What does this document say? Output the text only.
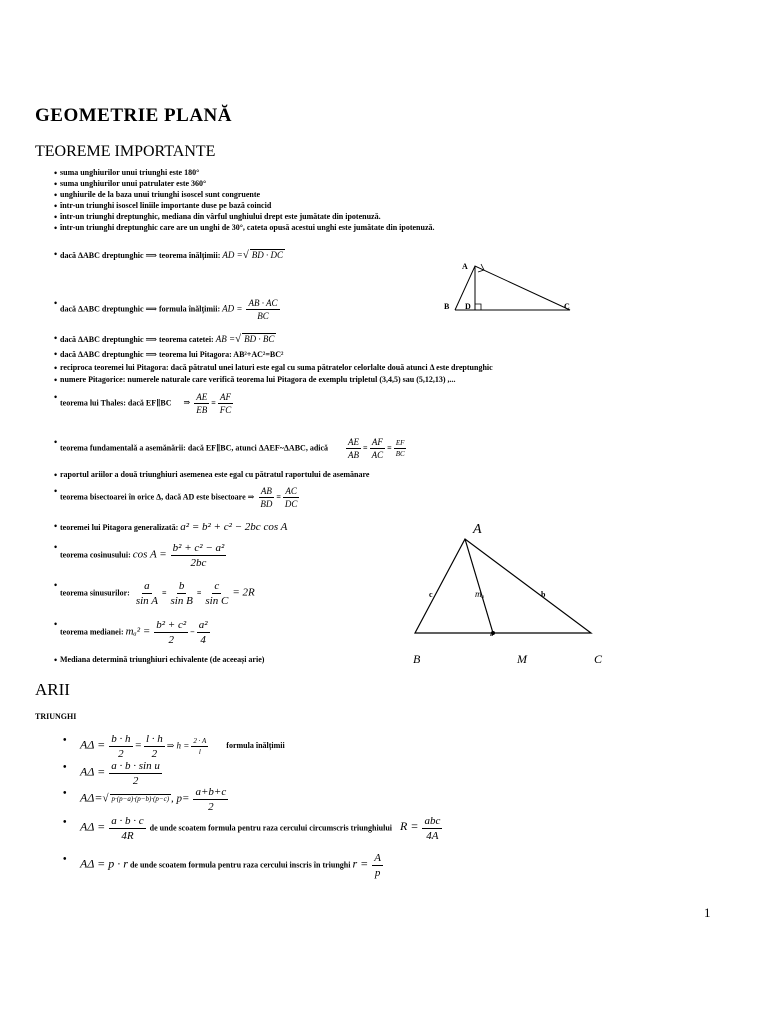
GEOMETRIE PLANĂ
TEOREME IMPORTANTE
• suma unghiurilor unui triunghi este 180°
• suma unghiurilor unui patrulater este 360°
• unghiurile de la baza unui triunghi isoscel sunt congruente
• într-un triunghi isoscel liniile importante duse pe bază coincid
• într-un triunghi dreptunghic, mediana din vârful unghiului drept este jumătate din ipotenuză.
• într-un triunghi dreptunghic care are un unghi de 30°, cateta opusă acestui unghi este jumătate din ipotenuză.
• dacă ΔABC dreptunghic ⟹ teorema înălțimii: AD =√ BD · DC
• dacă ΔABC dreptunghic ⟹ formula înălțimii: AD = $\frac{AB \cdot AC}{BC}$
• dacă ΔABC dreptunghic ⟹ teorema catetei: AB =√ BD · BC
• dacă ΔABC dreptunghic ⟹ teorema lui Pitagora: AB²+AC²=BC²
• reciproca teoremei lui Pitagora: dacă pătratul unei laturi este egal cu suma pătratelor celorlalte două atunci Δ este dreptunghic
• numere Pitagorice: numerele naturale care verifică teorema lui Pitagora de exemplu tripletul (3,4,5) sau (5,12,13) ,...
• teorema lui Thales: dacă EF∥BC ⇒ $\frac{AE}{EB} = \frac{AF}{FC}$
• teorema fundamentală a asemănării: dacă EF∥BC, atunci ΔAEF~ΔABC, adică $\frac{AE}{AB} = \frac{AF}{AC} = \frac{EF}{BC}$
• raportul ariilor a două triunghiuri asemenea este egal cu pătratul raportului de asemănare
• teorema bisectoarei în orice Δ, dacă AD este bisectoare ⇒ $\frac{AB}{BD} = \frac{AC}{DC}$
• teoremei lui Pitagora generalizată: a² = b² + c² − 2bc cos A
• teorema cosinusului: $\cos A = \frac{\text{b² + c² − a²}}{2bc}$
• teorema sinusurilor: $\frac{a}{\text{sin A}} = \frac{b}{\text{sin B}} = \frac{c}{\text{sin C}} = 2R$
• teorema medianei: $m_a^2 = \frac{\text{b² + c²}}{2} - \frac{\text{a²}}{4}$
• Mediana determină triunghiuri echivalente (de aceeași arie)
A
B D	C
A
c	mₐ	b
a
B	M	C
ARII
TRIUNGHI
• $A\Delta = \frac{b \cdot h}{2} = \frac{l \cdot h}{2}$ ⇒ $h = \frac{2 \cdot A}{l}$ formula înălțimii
• $A\Delta = \frac{\text{a · b · sin u}}{2}$
• AΔ=√ p·(p−a)·(p−b)·(p−c) , $p= \frac{a+b+c}{2}$
• $A\Delta = \frac{a \cdot b \cdot c}{4R}$ de unde scoatem formula pentru raza cercului circumscris triunghiului $R = \frac{\text{abc}}{4A}$
• AΔ = p · r de unde scoatem formula pentru raza cercului inscris în triunghi $r = \frac{A}{p}$
1
